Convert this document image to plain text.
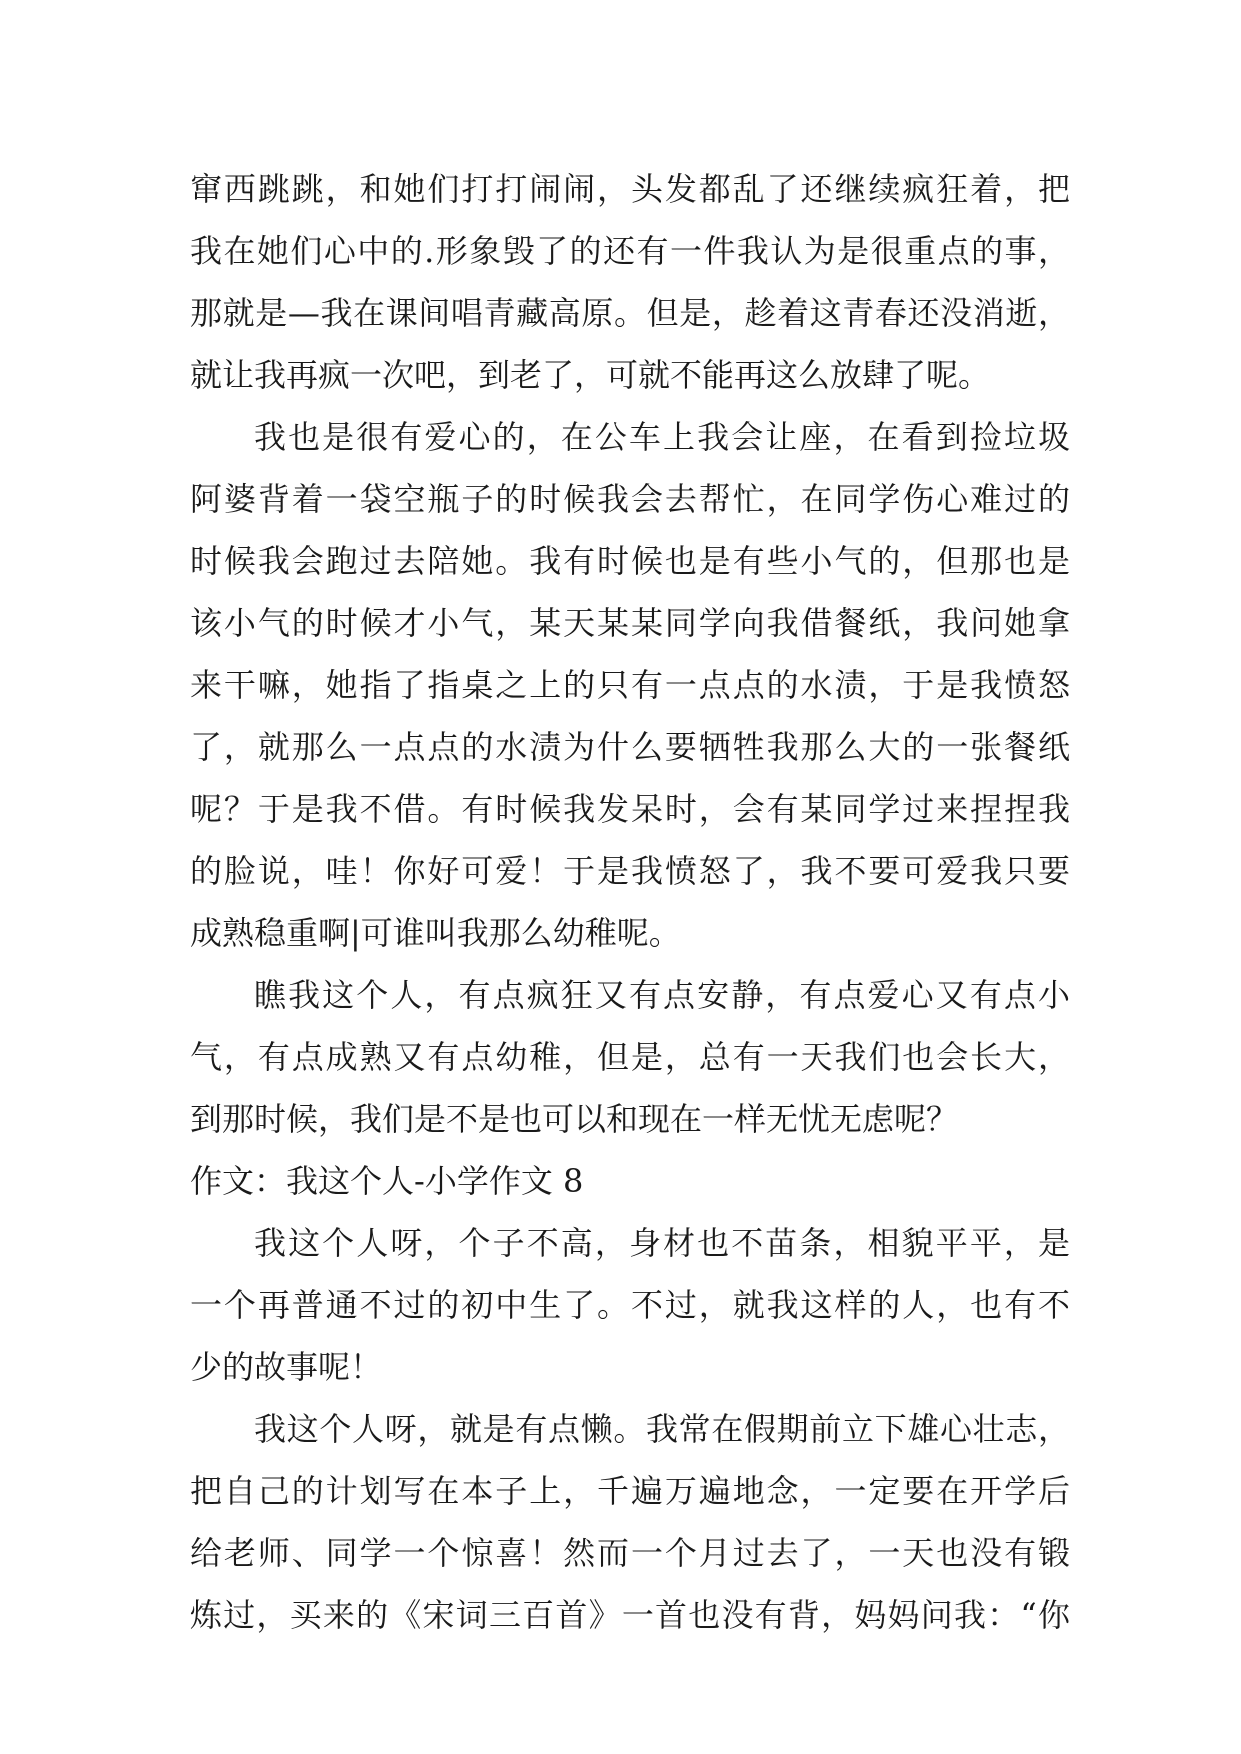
窜西跳跳，和她们打打闹闹，头发都乱了还继续疯狂着，把
我在她们心中的.形象毁了的还有一件我认为是很重点的事，
那就是—我在课间唱青藏高原。但是，趁着这青春还没消逝，
就让我再疯一次吧，到老了，可就不能再这么放肆了呢。
我也是很有爱心的，在公车上我会让座，在看到捡垃圾
阿婆背着一袋空瓶子的时候我会去帮忙，在同学伤心难过的
时候我会跑过去陪她。我有时候也是有些小气的，但那也是
该小气的时候才小气，某天某某同学向我借餐纸，我问她拿
来干嘛，她指了指桌之上的只有一点点的水渍，于是我愤怒
了，就那么一点点的水渍为什么要牺牲我那么大的一张餐纸
呢？于是我不借。有时候我发呆时，会有某同学过来捏捏我
的脸说，哇！你好可爱！于是我愤怒了，我不要可爱我只要
成熟稳重啊|可谁叫我那么幼稚呢。
瞧我这个人，有点疯狂又有点安静，有点爱心又有点小
气，有点成熟又有点幼稚，但是，总有一天我们也会长大，
到那时候，我们是不是也可以和现在一样无忧无虑呢？
作文：我这个人-小学作文 8
我这个人呀，个子不高，身材也不苗条，相貌平平，是
一个再普通不过的初中生了。不过，就我这样的人，也有不
少的故事呢！
我这个人呀，就是有点懒。我常在假期前立下雄心壮志，
把自己的计划写在本子上，千遍万遍地念，一定要在开学后
给老师、同学一个惊喜！然而一个月过去了，一天也没有锻
炼过，买来的《宋词三百首》一首也没有背，妈妈问我：“你
